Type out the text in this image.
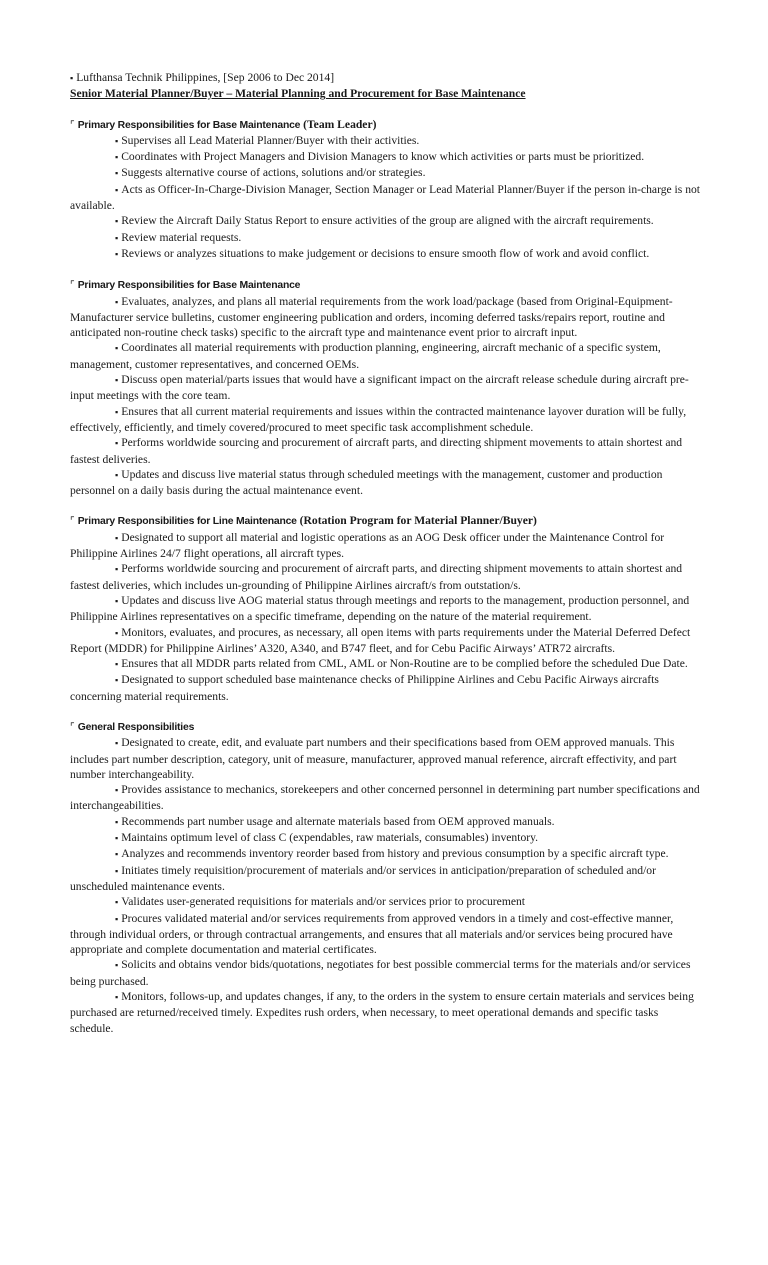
▪ Lufthansa Technik Philippines, [Sep 2006 to Dec 2014]

Senior Material Planner/Buyer – Material Planning and Procurement for Base Maintenance

⌜ Primary Responsibilities for Base Maintenance (Team Leader)

▪ Supervises all Lead Material Planner/Buyer with their activities.

▪ Coordinates with Project Managers and Division Managers to know which activities or parts must be prioritized.

▪ Suggests alternative course of actions, solutions and/or strategies.

▪ Acts as Officer-In-Charge-Division Manager, Section Manager or Lead Material Planner/Buyer if the person in-charge is not available.

▪ Review the Aircraft Daily Status Report to ensure activities of the group are aligned with the aircraft requirements.

▪ Review material requests.

▪ Reviews or analyzes situations to make judgement or decisions to ensure smooth flow of work and avoid conflict.

⌜ Primary Responsibilities for Base Maintenance

▪ Evaluates, analyzes, and plans all material requirements from the work load/package (based from Original-Equipment-Manufacturer service bulletins, customer engineering publication and orders, incoming deferred tasks/repairs report, routine and anticipated non-routine check tasks) specific to the aircraft type and maintenance event prior to aircraft input.

▪ Coordinates all material requirements with production planning, engineering, aircraft mechanic of a specific system, management, customer representatives, and concerned OEMs.

▪ Discuss open material/parts issues that would have a significant impact on the aircraft release schedule during aircraft pre-input meetings with the core team.

▪ Ensures that all current material requirements and issues within the contracted maintenance layover duration will be fully, effectively, efficiently, and timely covered/procured to meet specific task accomplishment schedule.

▪ Performs worldwide sourcing and procurement of aircraft parts, and directing shipment movements to attain shortest and fastest deliveries.

▪ Updates and discuss live material status through scheduled meetings with the management, customer and production personnel on a daily basis during the actual maintenance event.

⌜ Primary Responsibilities for Line Maintenance (Rotation Program for Material Planner/Buyer)

▪ Designated to support all material and logistic operations as an AOG Desk officer under the Maintenance Control for Philippine Airlines 24/7 flight operations, all aircraft types.

▪ Performs worldwide sourcing and procurement of aircraft parts, and directing shipment movements to attain shortest and fastest deliveries, which includes un-grounding of Philippine Airlines aircraft/s from outstation/s.

▪ Updates and discuss live AOG material status through meetings and reports to the management, production personnel, and Philippine Airlines representatives on a specific timeframe, depending on the nature of the material requirement.

▪ Monitors, evaluates, and procures, as necessary, all open items with parts requirements under the Material Deferred Defect Report (MDDR) for Philippine Airlines’ A320, A340, and B747 fleet, and for Cebu Pacific Airways’ ATR72 aircrafts.

▪ Ensures that all MDDR parts related from CML, AML or Non-Routine are to be complied before the scheduled Due Date.

▪ Designated to support scheduled base maintenance checks of Philippine Airlines and Cebu Pacific Airways aircrafts concerning material requirements.

⌜ General Responsibilities

▪ Designated to create, edit, and evaluate part numbers and their specifications based from OEM approved manuals. This includes part number description, category, unit of measure, manufacturer, approved manual reference, aircraft effectivity, and part number interchangeability.

▪ Provides assistance to mechanics, storekeepers and other concerned personnel in determining part number specifications and interchangeabilities.

▪ Recommends part number usage and alternate materials based from OEM approved manuals.

▪ Maintains optimum level of class C (expendables, raw materials, consumables) inventory.

▪ Analyzes and recommends inventory reorder based from history and previous consumption by a specific aircraft type.

▪ Initiates timely requisition/procurement of materials and/or services in anticipation/preparation of scheduled and/or unscheduled maintenance events.

▪ Validates user-generated requisitions for materials and/or services prior to procurement

▪ Procures validated material and/or services requirements from approved vendors in a timely and cost-effective manner, through individual orders, or through contractual arrangements, and ensures that all materials and/or services being procured have appropriate and complete documentation and material certificates.

▪ Solicits and obtains vendor bids/quotations, negotiates for best possible commercial terms for the materials and/or services being purchased.

▪ Monitors, follows-up, and updates changes, if any, to the orders in the system to ensure certain materials and services being purchased are returned/received timely. Expedites rush orders, when necessary, to meet operational demands and specific tasks schedule.
